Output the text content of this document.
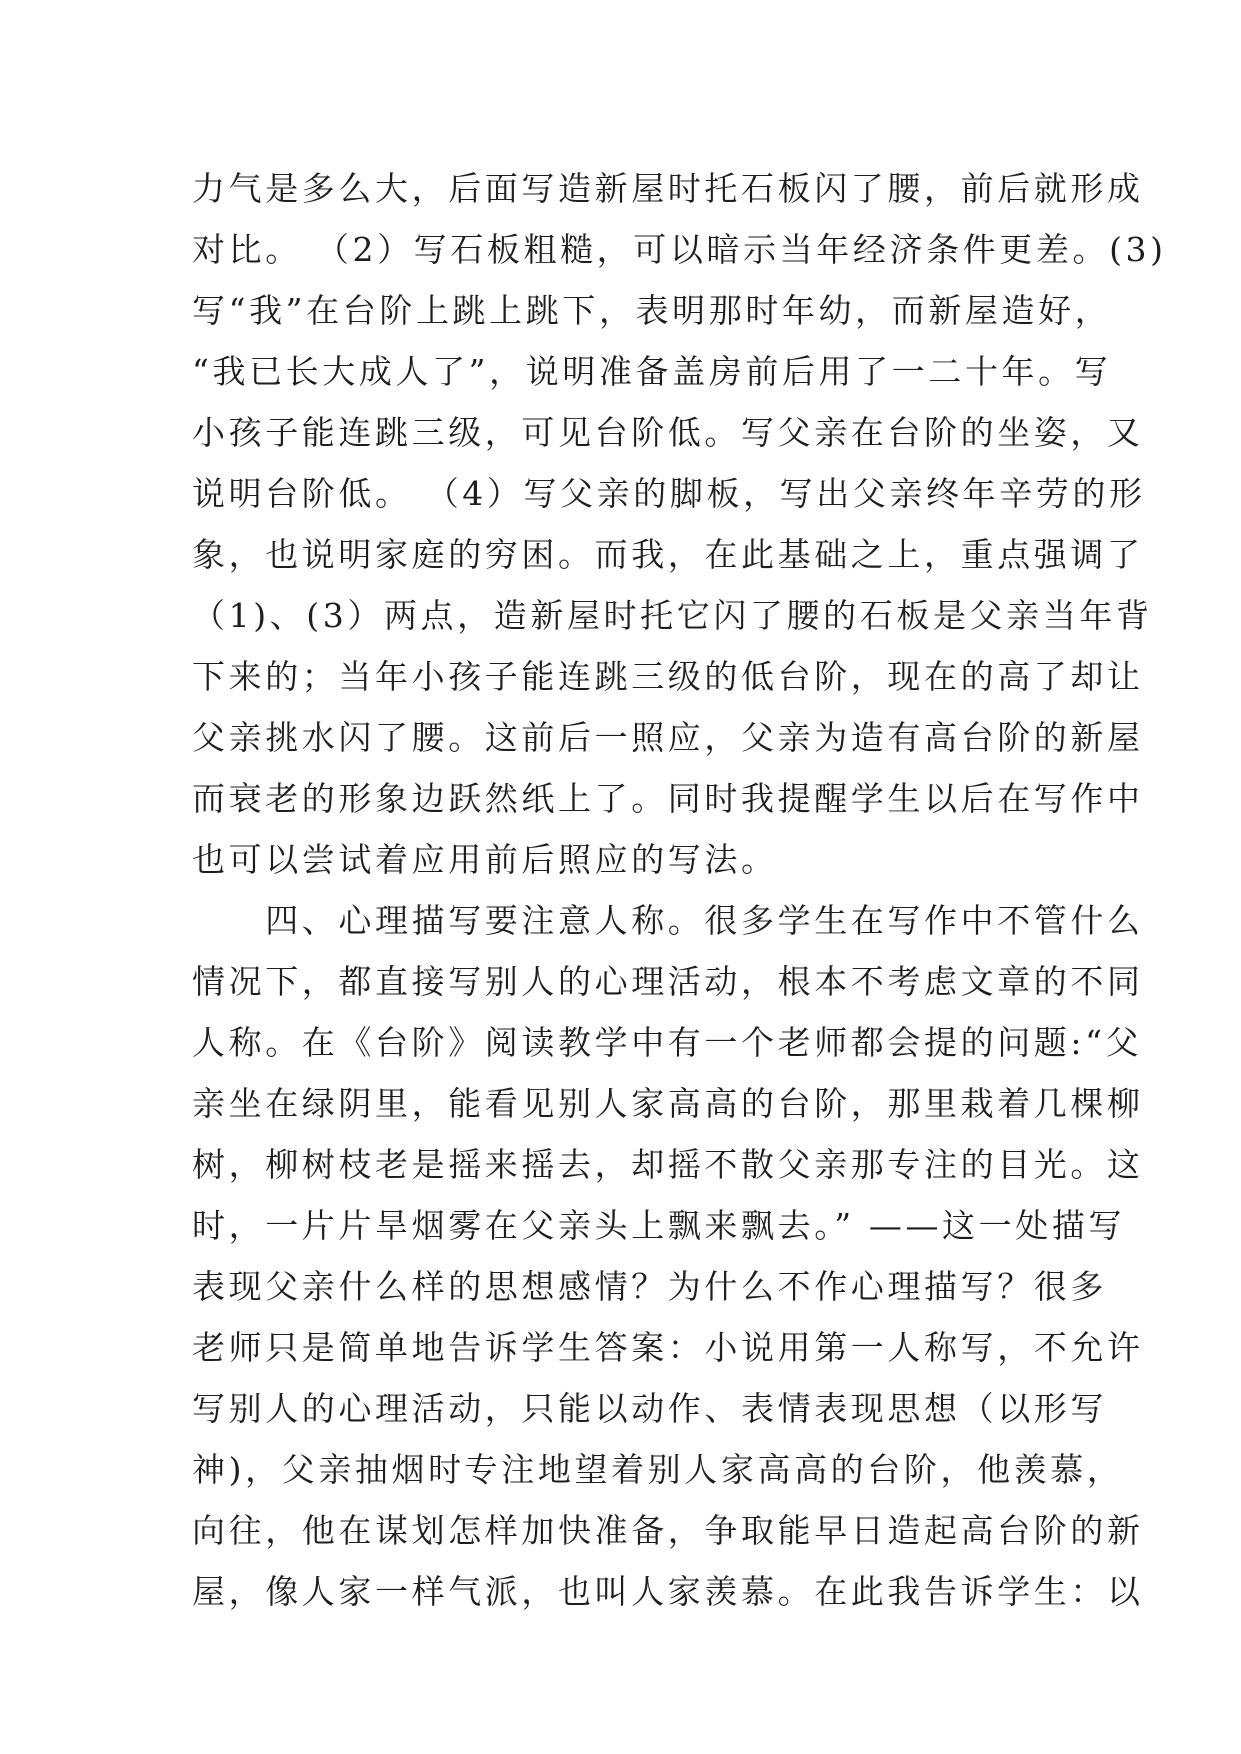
力气是多么大，后面写造新屋时托石板闪了腰，前后就形成
对比。 （2）写石板粗糙，可以暗示当年经济条件更差。(3)
写“我”在台阶上跳上跳下，表明那时年幼，而新屋造好，
“我已长大成人了”，说明准备盖房前后用了一二十年。写
小孩子能连跳三级，可见台阶低。写父亲在台阶的坐姿，又
说明台阶低。 （4）写父亲的脚板，写出父亲终年辛劳的形
象，也说明家庭的穷困。而我，在此基础之上，重点强调了
（1)、(3）两点，造新屋时托它闪了腰的石板是父亲当年背
下来的；当年小孩子能连跳三级的低台阶，现在的高了却让
父亲挑水闪了腰。这前后一照应，父亲为造有高台阶的新屋
而衰老的形象边跃然纸上了。同时我提醒学生以后在写作中
也可以尝试着应用前后照应的写法。
　　四、心理描写要注意人称。很多学生在写作中不管什么
情况下，都直接写别人的心理活动，根本不考虑文章的不同
人称。在《台阶》阅读教学中有一个老师都会提的问题:“父
亲坐在绿阴里，能看见别人家高高的台阶，那里栽着几棵柳
树，柳树枝老是摇来摇去，却摇不散父亲那专注的目光。这
时，一片片旱烟雾在父亲头上飘来飘去。” ——这一处描写
表现父亲什么样的思想感情？为什么不作心理描写？很多
老师只是简单地告诉学生答案：小说用第一人称写，不允许
写别人的心理活动，只能以动作、表情表现思想（以形写
神)，父亲抽烟时专注地望着别人家高高的台阶，他羡慕，
向往，他在谋划怎样加快准备，争取能早日造起高台阶的新
屋，像人家一样气派，也叫人家羡慕。在此我告诉学生：以
